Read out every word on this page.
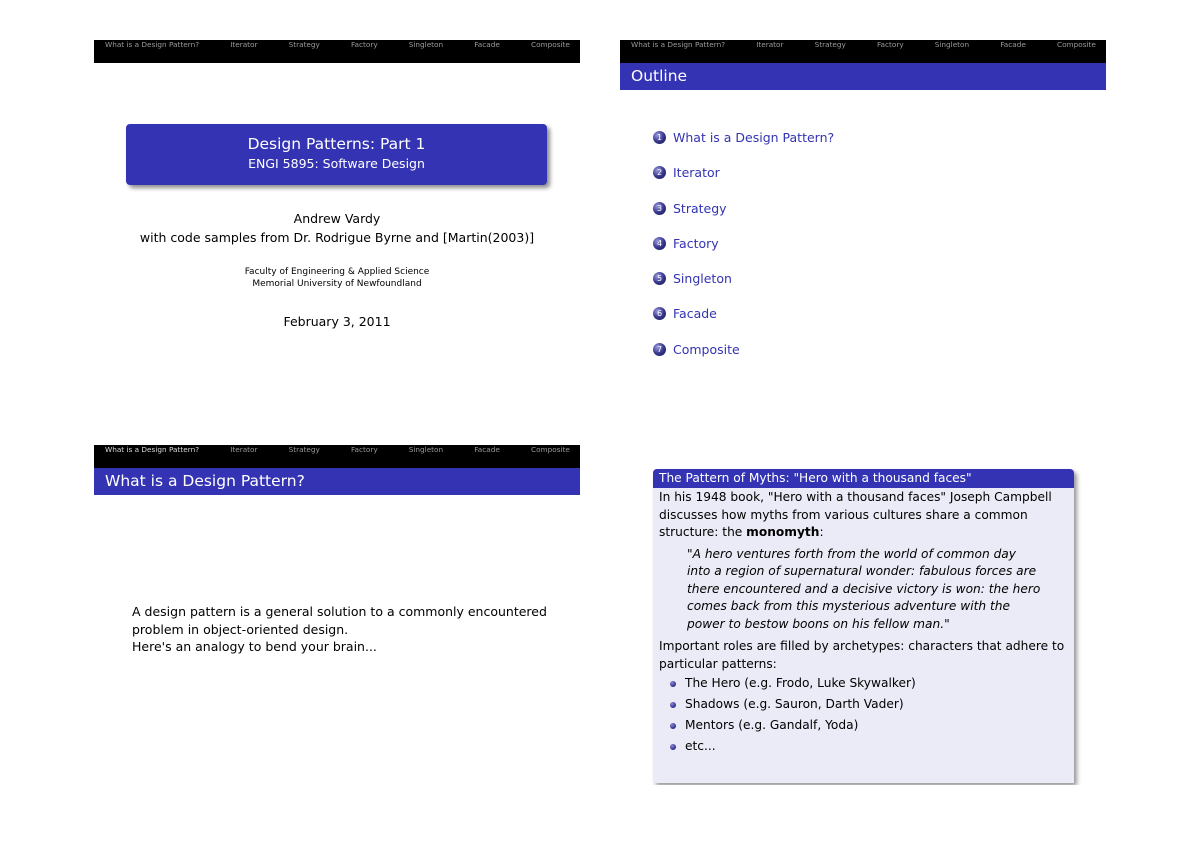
What is a Design Pattern?	Iterator	Strategy	Factory	Singleton	Facade	Composite
Design Patterns: Part 1
ENGI 5895: Software Design
Andrew Vardy
with code samples from Dr. Rodrigue Byrne and [Martin(2003)]
Faculty of Engineering & Applied Science
Memorial University of Newfoundland
February 3, 2011
What is a Design Pattern?	Iterator	Strategy	Factory	Singleton	Facade	Composite
Outline
1 What is a Design Pattern?
2 Iterator
3 Strategy
4 Factory
5 Singleton
6 Facade
7 Composite
What is a Design Pattern?	Iterator	Strategy	Factory	Singleton	Facade	Composite
What is a Design Pattern?
A design pattern is a general solution to a commonly encountered
problem in object-oriented design.
Here's an analogy to bend your brain...
The Pattern of Myths: "Hero with a thousand faces"
In his 1948 book, "Hero with a thousand faces" Joseph Campbell
discusses how myths from various cultures share a common
structure: the monomyth:
"A hero ventures forth from the world of common day
into a region of supernatural wonder: fabulous forces are
there encountered and a decisive victory is won: the hero
comes back from this mysterious adventure with the
power to bestow boons on his fellow man."
Important roles are filled by archetypes: characters that adhere to
particular patterns:
The Hero (e.g. Frodo, Luke Skywalker)
Shadows (e.g. Sauron, Darth Vader)
Mentors (e.g. Gandalf, Yoda)
etc...
